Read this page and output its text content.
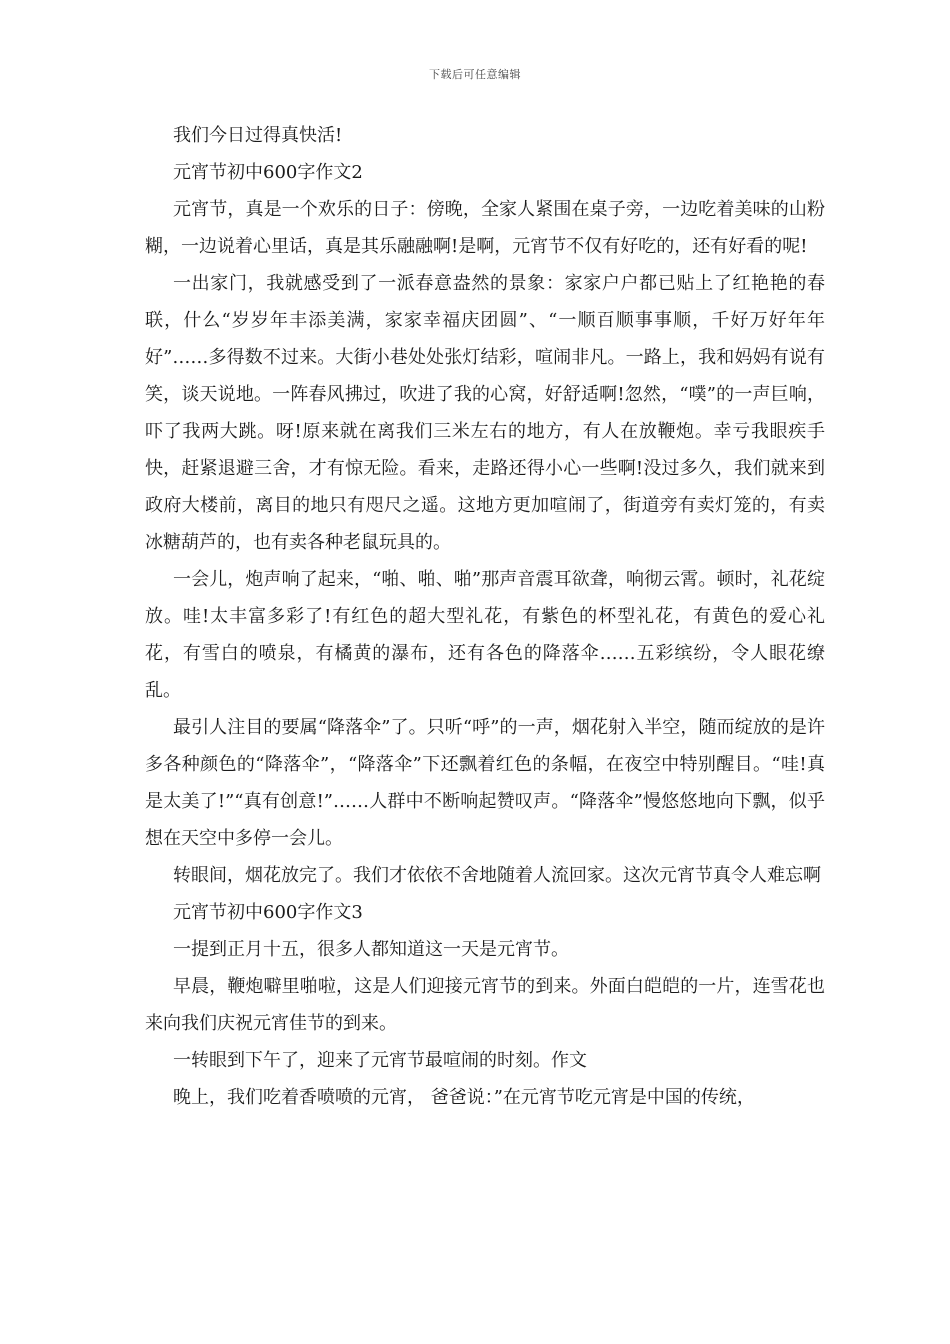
下载后可任意编辑

我们今日过得真快活!

元宵节初中600字作文2

元宵节，真是一个欢乐的日子：傍晚，全家人紧围在桌子旁，一边吃着美味的山粉糊，一边说着心里话，真是其乐融融啊!是啊，元宵节不仅有好吃的，还有好看的呢!

一出家门，我就感受到了一派春意盎然的景象：家家户户都已贴上了红艳艳的春联，什么“岁岁年丰添美满，家家幸福庆团圆”、“一顺百顺事事顺，千好万好年年好”……多得数不过来。大街小巷处处张灯结彩，喧闹非凡。一路上，我和妈妈有说有笑，谈天说地。一阵春风拂过，吹进了我的心窝，好舒适啊!忽然，“噗”的一声巨响，吓了我两大跳。呀!原来就在离我们三米左右的地方，有人在放鞭炮。幸亏我眼疾手快，赶紧退避三舍，才有惊无险。看来，走路还得小心一些啊!没过多久，我们就来到政府大楼前，离目的地只有咫尺之遥。这地方更加喧闹了，街道旁有卖灯笼的，有卖冰糖葫芦的，也有卖各种老鼠玩具的。

一会儿，炮声响了起来，“啪、啪、啪”那声音震耳欲聋，响彻云霄。顿时，礼花绽放。哇!太丰富多彩了!有红色的超大型礼花，有紫色的杯型礼花，有黄色的爱心礼花，有雪白的喷泉，有橘黄的瀑布，还有各色的降落伞……五彩缤纷，令人眼花缭乱。

最引人注目的要属“降落伞”了。只听“呼”的一声，烟花射入半空，随而绽放的是许多各种颜色的“降落伞”，“降落伞”下还飘着红色的条幅，在夜空中特别醒目。“哇!真是太美了!”“真有创意!”……人群中不断响起赞叹声。“降落伞”慢悠悠地向下飘，似乎想在天空中多停一会儿。

转眼间，烟花放完了。我们才依依不舍地随着人流回家。这次元宵节真令人难忘啊

元宵节初中600字作文3

一提到正月十五，很多人都知道这一天是元宵节。

早晨，鞭炮噼里啪啦，这是人们迎接元宵节的到来。外面白皑皑的一片，连雪花也来向我们庆祝元宵佳节的到来。

一转眼到下午了，迎来了元宵节最喧闹的时刻。作文

晚上，我们吃着香喷喷的元宵， 爸爸说：”在元宵节吃元宵是中国的传统，
